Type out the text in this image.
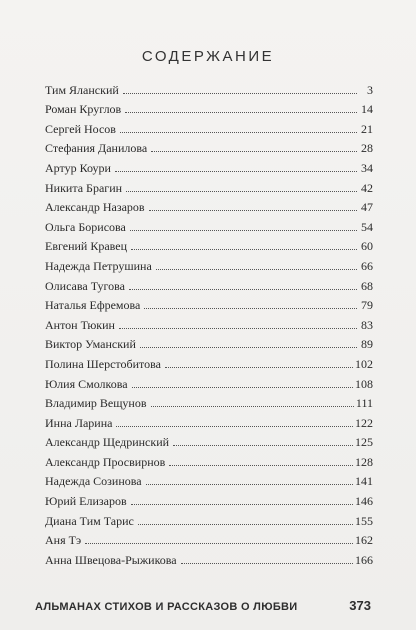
СОДЕРЖАНИЕ
Тим Яланский	3
Роман Круглов	14
Сергей Носов	21
Стефания Данилова	28
Артур Коури	34
Никита Брагин	42
Александр Назаров	47
Ольга Борисова	54
Евгений Кравец	60
Надежда Петрушина	66
Олисава Тугова	68
Наталья Ефремова	79
Антон Тюкин	83
Виктор Уманский	89
Полина Шерстобитова	102
Юлия Смолкова	108
Владимир Вещунов	111
Инна Ларина	122
Александр Щедринский	125
Александр Просвирнов	128
Надежда Созинова	141
Юрий Елизаров	146
Диана Тим Тарис	155
Аня Тэ	162
Анна Швецова-Рыжикова	166
АЛЬМАНАХ СТИХОВ И РАССКАЗОВ О ЛЮБВИ	373
